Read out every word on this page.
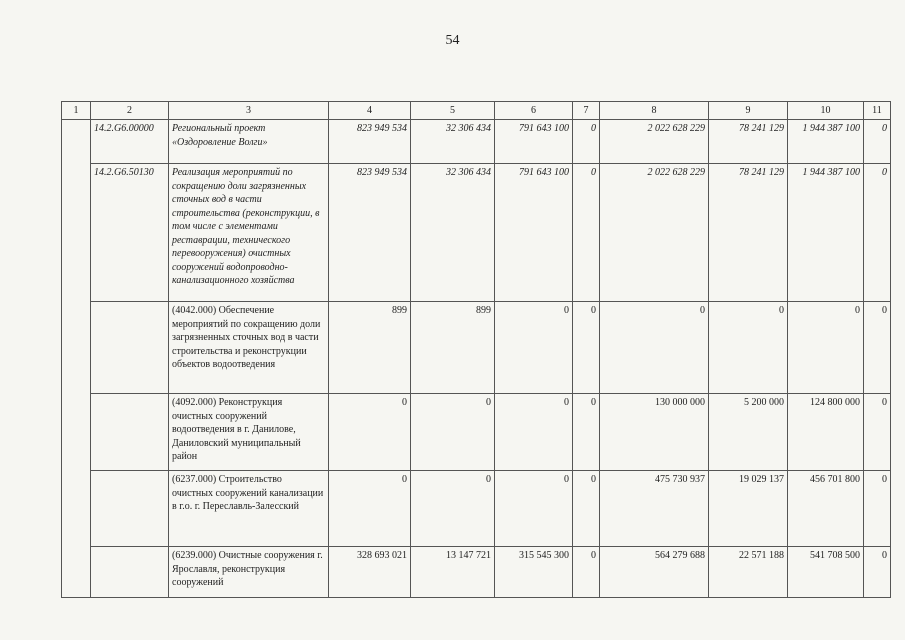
54
1	2	3	4	5	6	7	8	9	10	11
	14.2.G6.00000	Региональный проект «Оздоровление Волги»	823 949 534	32 306 434	791 643 100	0	2 022 628 229	78 241 129	1 944 387 100	0
	14.2.G6.50130	Реализация мероприятий по сокращению доли загрязненных сточных вод в части строительства (реконструкции, в том числе с элементами реставрации, технического перевооружения) очистных сооружений водопроводно-канализационного хозяйства	823 949 534	32 306 434	791 643 100	0	2 022 628 229	78 241 129	1 944 387 100	0
		(4042.000) Обеспечение мероприятий по сокращению доли загрязненных сточных вод в части строительства и реконструкции объектов водоотведения	899	899	0	0	0	0	0	0
		(4092.000) Реконструкция очистных сооружений водоотведения в г. Данилове, Даниловский муниципальный район	0	0	0	0	130 000 000	5 200 000	124 800 000	0
		(6237.000) Строительство очистных сооружений канализации в г.о. г. Переславль-Залесский	0	0	0	0	475 730 937	19 029 137	456 701 800	0
		(6239.000) Очистные сооружения г. Ярославля, реконструкция сооружений	328 693 021	13 147 721	315 545 300	0	564 279 688	22 571 188	541 708 500	0
